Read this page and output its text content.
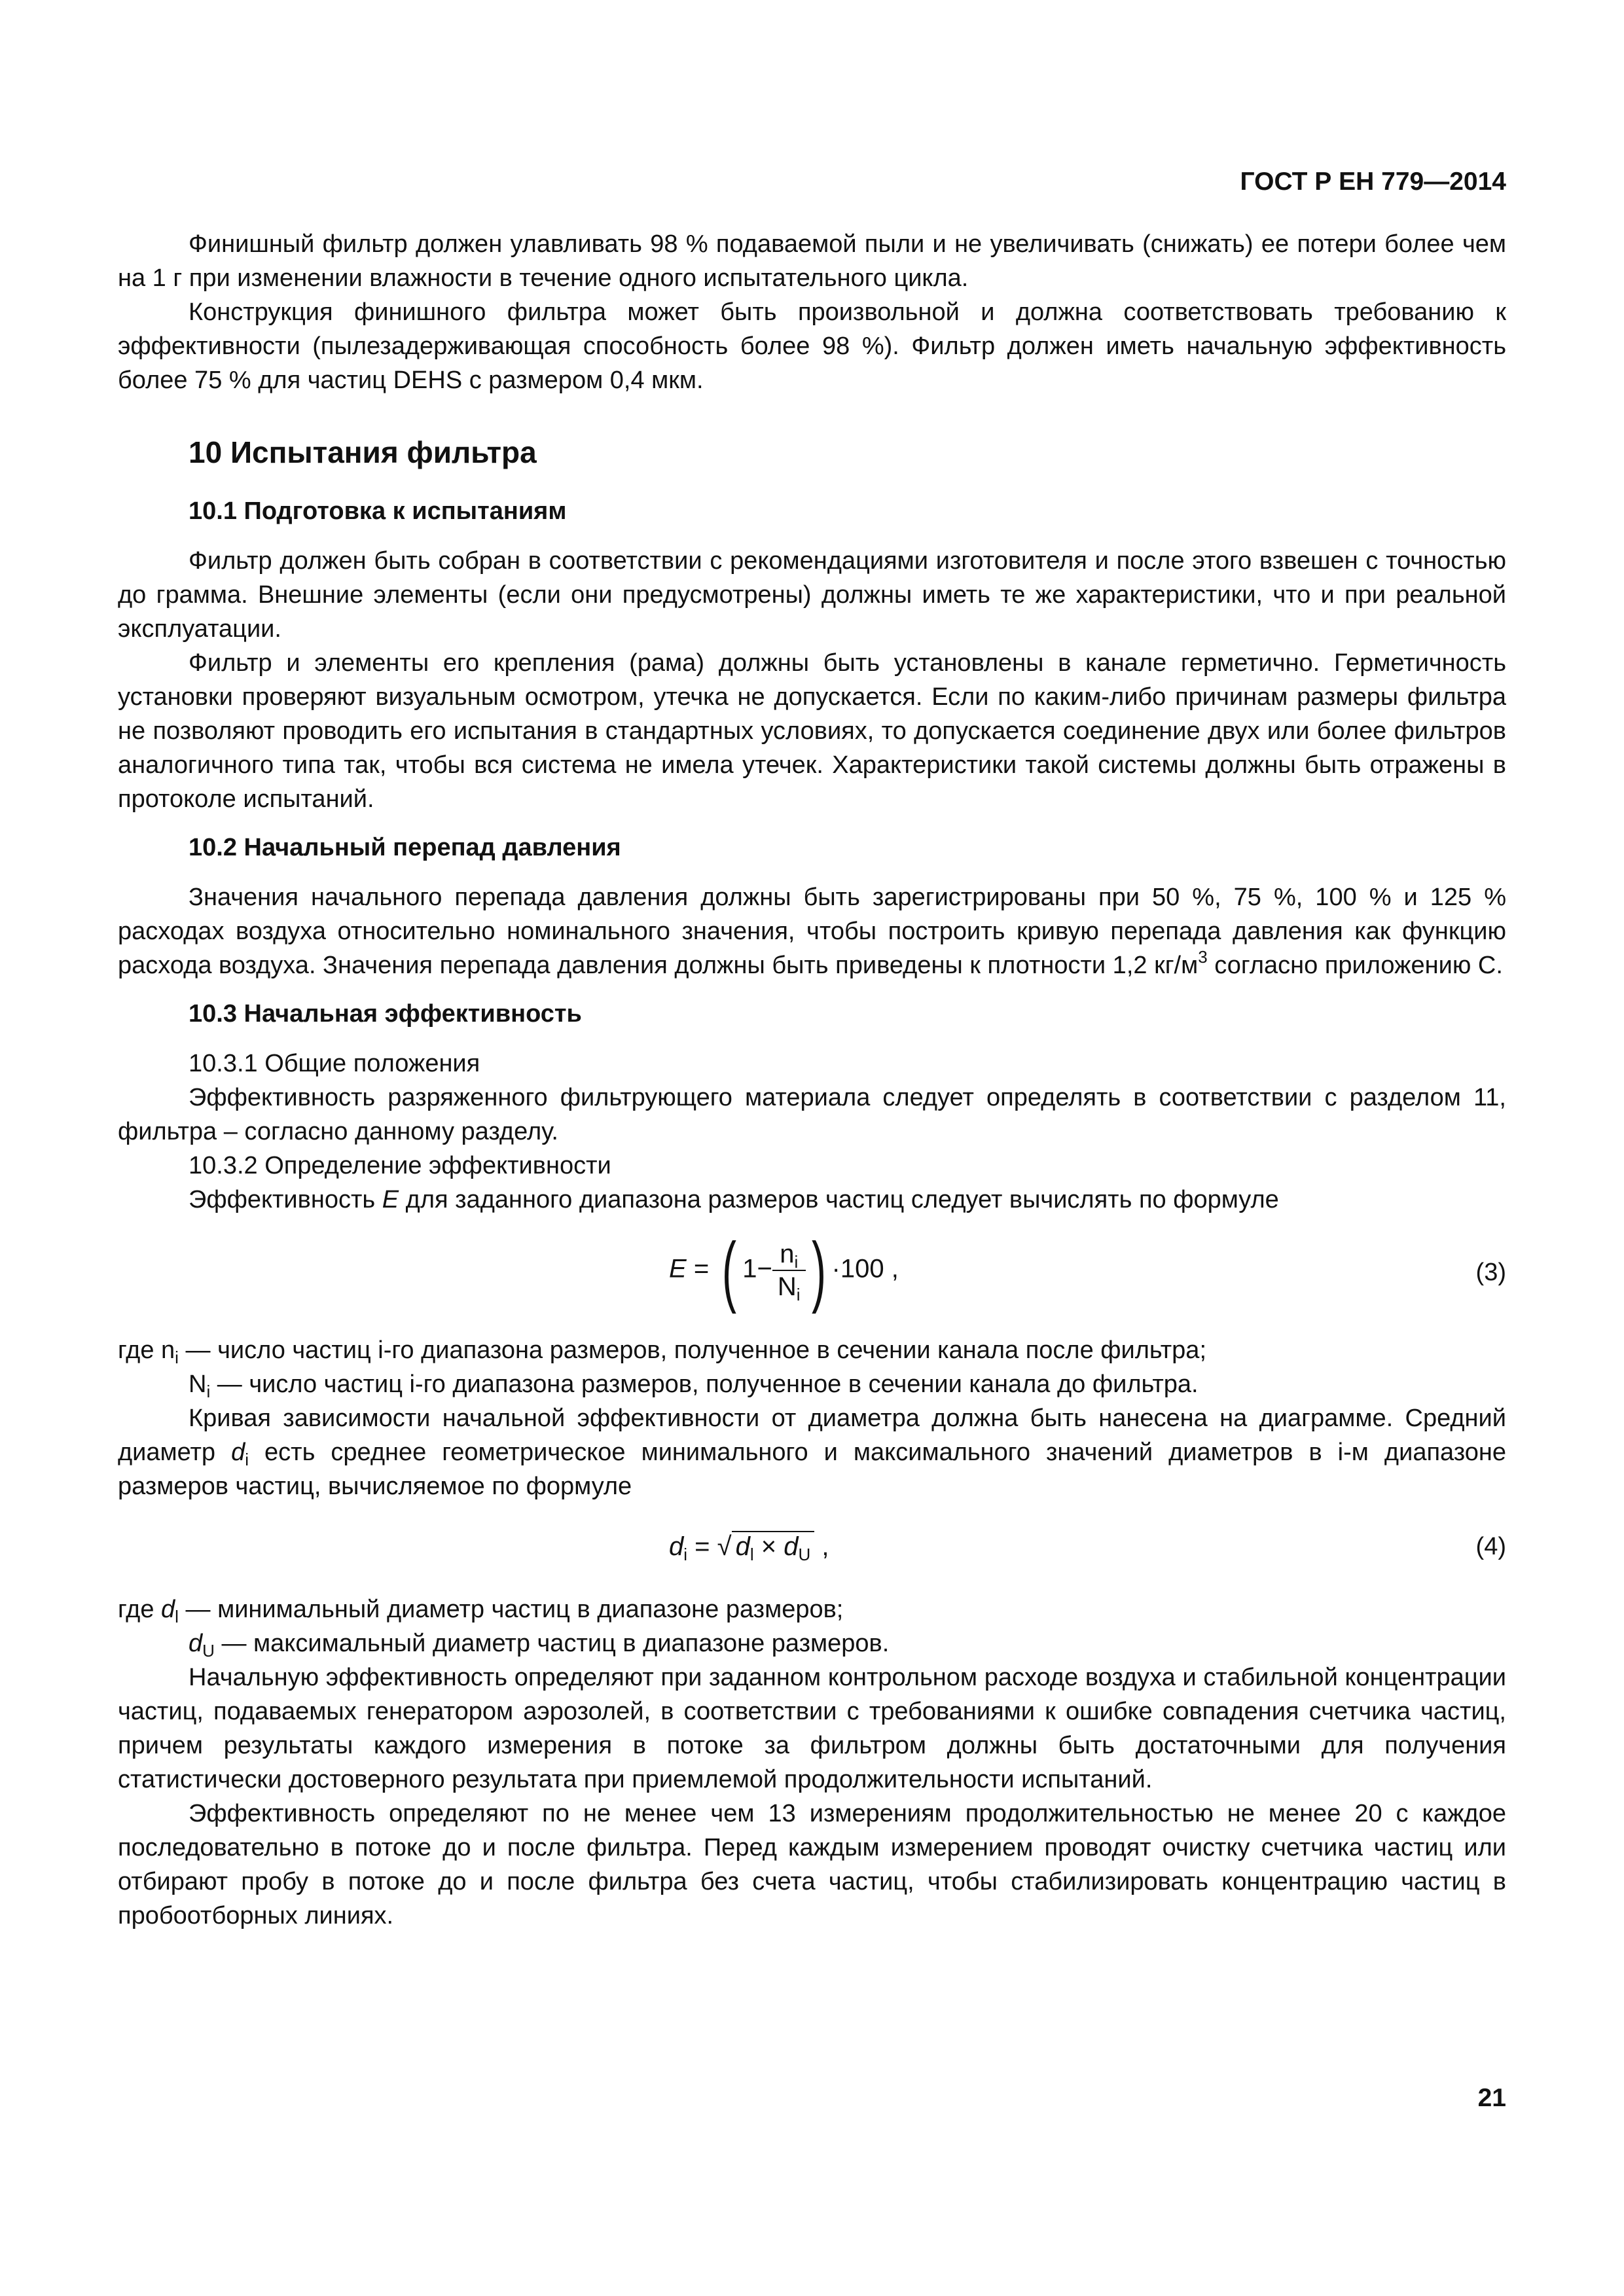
ГОСТ Р ЕН 779—2014

Финишный фильтр должен улавливать 98 % подаваемой пыли и не увеличивать (снижать) ее потери более чем на 1 г при изменении влажности в течение одного испытательного цикла.

Конструкция финишного фильтра может быть произвольной и должна соответствовать требованию к эффективности (пылезадерживающая способность более 98 %). Фильтр должен иметь начальную эффективность более 75 % для частиц DEHS с размером 0,4 мкм.

10 Испытания фильтра
10.1 Подготовка к испытаниям

Фильтр должен быть собран в соответствии с рекомендациями изготовителя и после этого взвешен с точностью до грамма. Внешние элементы (если они предусмотрены) должны иметь те же характеристики, что и при реальной эксплуатации.

Фильтр и элементы его крепления (рама) должны быть установлены в канале герметично. Герметичность установки проверяют визуальным осмотром, утечка не допускается. Если по каким-либо причинам размеры фильтра не позволяют проводить его испытания в стандартных условиях, то допускается соединение двух или более фильтров аналогичного типа так, чтобы вся система не имела утечек. Характеристики такой системы должны быть отражены в протоколе испытаний.

10.2 Начальный перепад давления

Значения начального перепада давления должны быть зарегистрированы при 50 %, 75 %, 100 % и 125 % расходах воздуха относительно номинального значения, чтобы построить кривую перепада давления как функцию расхода воздуха. Значения перепада давления должны быть приведены к плотности 1,2 $кг/м^3$ согласно приложению С.

10.3 Начальная эффективность

10.3.1 Общие положения

Эффективность разряженного фильтрующего материала следует определять в соответствии с разделом 11, фильтра – согласно данному разделу.

10.3.2 Определение эффективности

Эффективность E для заданного диапазона размеров частиц следует вычислять по формуле

E = ( $1- \frac{n_i}{N_i}$ ) ·100 ,	(3)

где $n_i$ — число частиц i-го диапазона размеров, полученное в сечении канала после фильтра;

$N_i$ — число частиц i-го диапазона размеров, полученное в сечении канала до фильтра.

Кривая зависимости начальной эффективности от диаметра должна быть нанесена на диаграмме. Средний диаметр $d_i$ есть среднее геометрическое минимального и максимального значений диаметров в i-м диапазоне размеров частиц, вычисляемое по формуле

$d_i$ = √ $d_l \times d_U$ ,	(4)

где $d_l$ — минимальный диаметр частиц в диапазоне размеров;

$d_U$ — максимальный диаметр частиц в диапазоне размеров.

Начальную эффективность определяют при заданном контрольном расходе воздуха и стабильной концентрации частиц, подаваемых генератором аэрозолей, в соответствии с требованиями к ошибке совпадения счетчика частиц, причем результаты каждого измерения в потоке за фильтром должны быть достаточными для получения статистически достоверного результата при приемлемой продолжительности испытаний.

Эффективность определяют по не менее чем 13 измерениям продолжительностью не менее 20 с каждое последовательно в потоке до и после фильтра. Перед каждым измерением проводят очистку счетчика частиц или отбирают пробу в потоке до и после фильтра без счета частиц, чтобы стабилизировать концентрацию частиц в пробоотборных линиях.

21
